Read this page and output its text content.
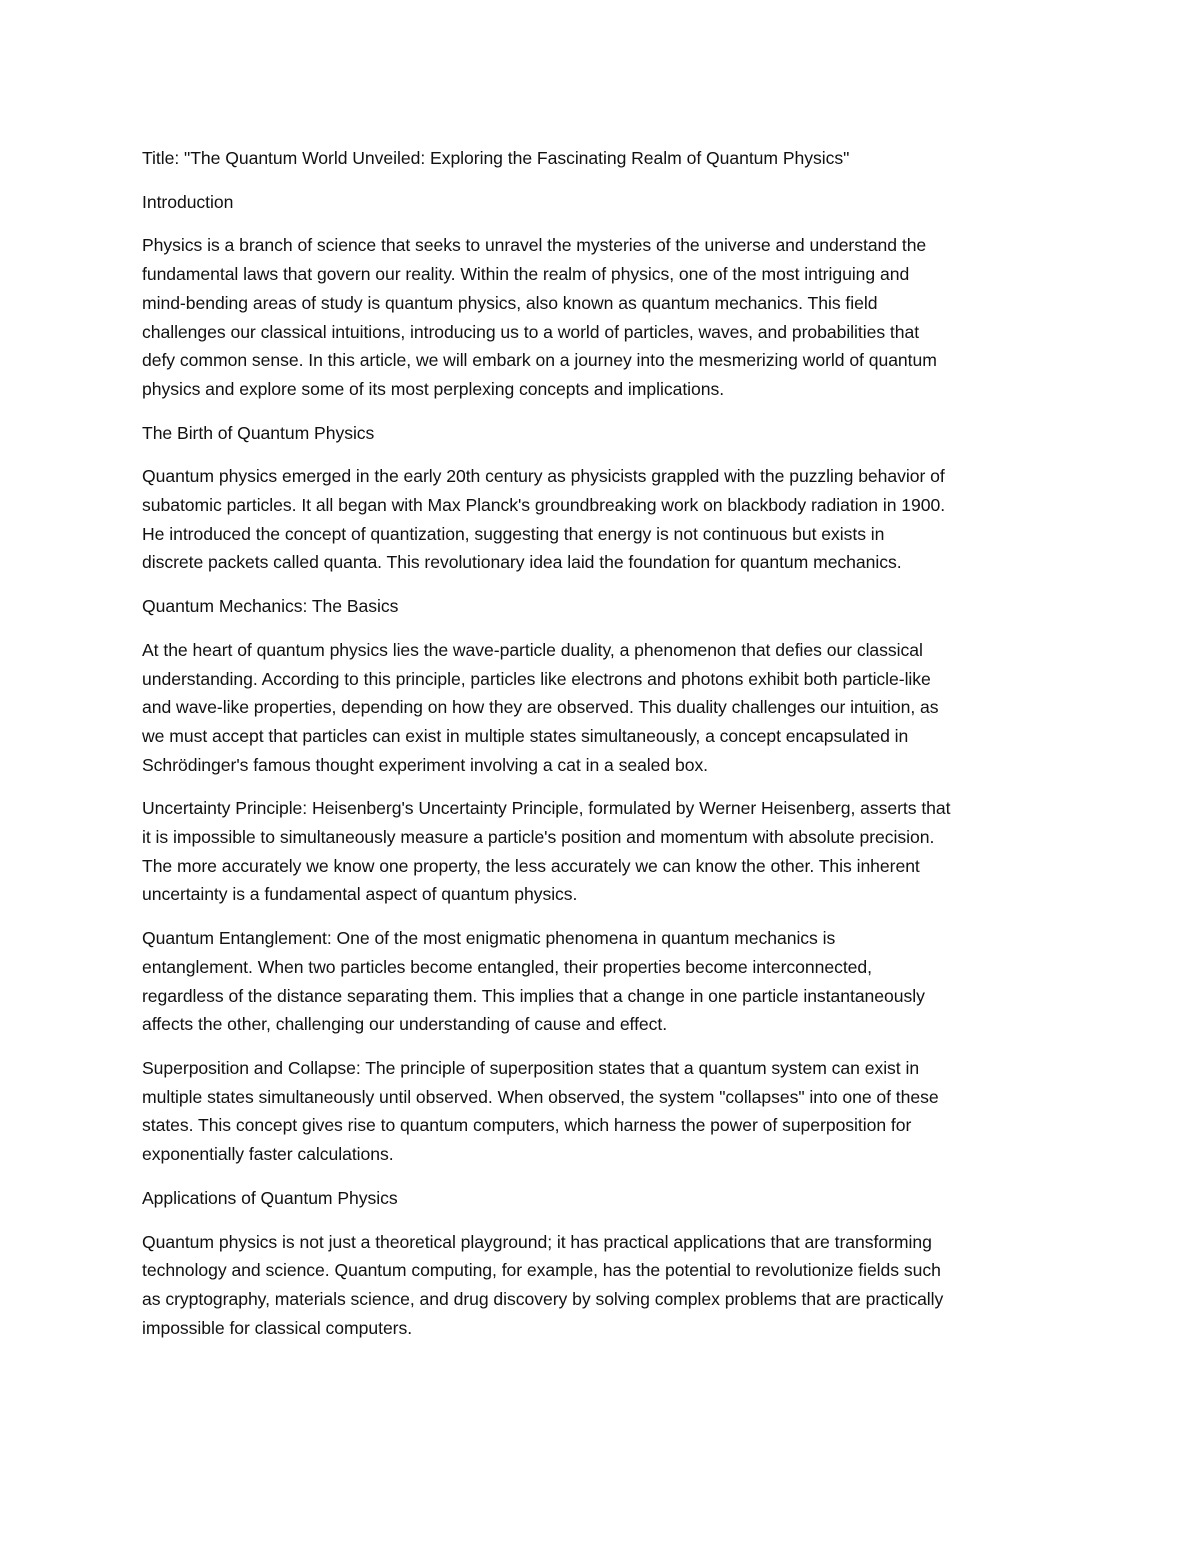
Title: "The Quantum World Unveiled: Exploring the Fascinating Realm of Quantum Physics"
Introduction
Physics is a branch of science that seeks to unravel the mysteries of the universe and understand the
fundamental laws that govern our reality. Within the realm of physics, one of the most intriguing and
mind-bending areas of study is quantum physics, also known as quantum mechanics. This field
challenges our classical intuitions, introducing us to a world of particles, waves, and probabilities that
defy common sense. In this article, we will embark on a journey into the mesmerizing world of quantum
physics and explore some of its most perplexing concepts and implications.
The Birth of Quantum Physics
Quantum physics emerged in the early 20th century as physicists grappled with the puzzling behavior of
subatomic particles. It all began with Max Planck's groundbreaking work on blackbody radiation in 1900.
He introduced the concept of quantization, suggesting that energy is not continuous but exists in
discrete packets called quanta. This revolutionary idea laid the foundation for quantum mechanics.
Quantum Mechanics: The Basics
At the heart of quantum physics lies the wave-particle duality, a phenomenon that defies our classical
understanding. According to this principle, particles like electrons and photons exhibit both particle-like
and wave-like properties, depending on how they are observed. This duality challenges our intuition, as
we must accept that particles can exist in multiple states simultaneously, a concept encapsulated in
Schrödinger's famous thought experiment involving a cat in a sealed box.
Uncertainty Principle: Heisenberg's Uncertainty Principle, formulated by Werner Heisenberg, asserts that
it is impossible to simultaneously measure a particle's position and momentum with absolute precision.
The more accurately we know one property, the less accurately we can know the other. This inherent
uncertainty is a fundamental aspect of quantum physics.
Quantum Entanglement: One of the most enigmatic phenomena in quantum mechanics is
entanglement. When two particles become entangled, their properties become interconnected,
regardless of the distance separating them. This implies that a change in one particle instantaneously
affects the other, challenging our understanding of cause and effect.
Superposition and Collapse: The principle of superposition states that a quantum system can exist in
multiple states simultaneously until observed. When observed, the system "collapses" into one of these
states. This concept gives rise to quantum computers, which harness the power of superposition for
exponentially faster calculations.
Applications of Quantum Physics
Quantum physics is not just a theoretical playground; it has practical applications that are transforming
technology and science. Quantum computing, for example, has the potential to revolutionize fields such
as cryptography, materials science, and drug discovery by solving complex problems that are practically
impossible for classical computers.
